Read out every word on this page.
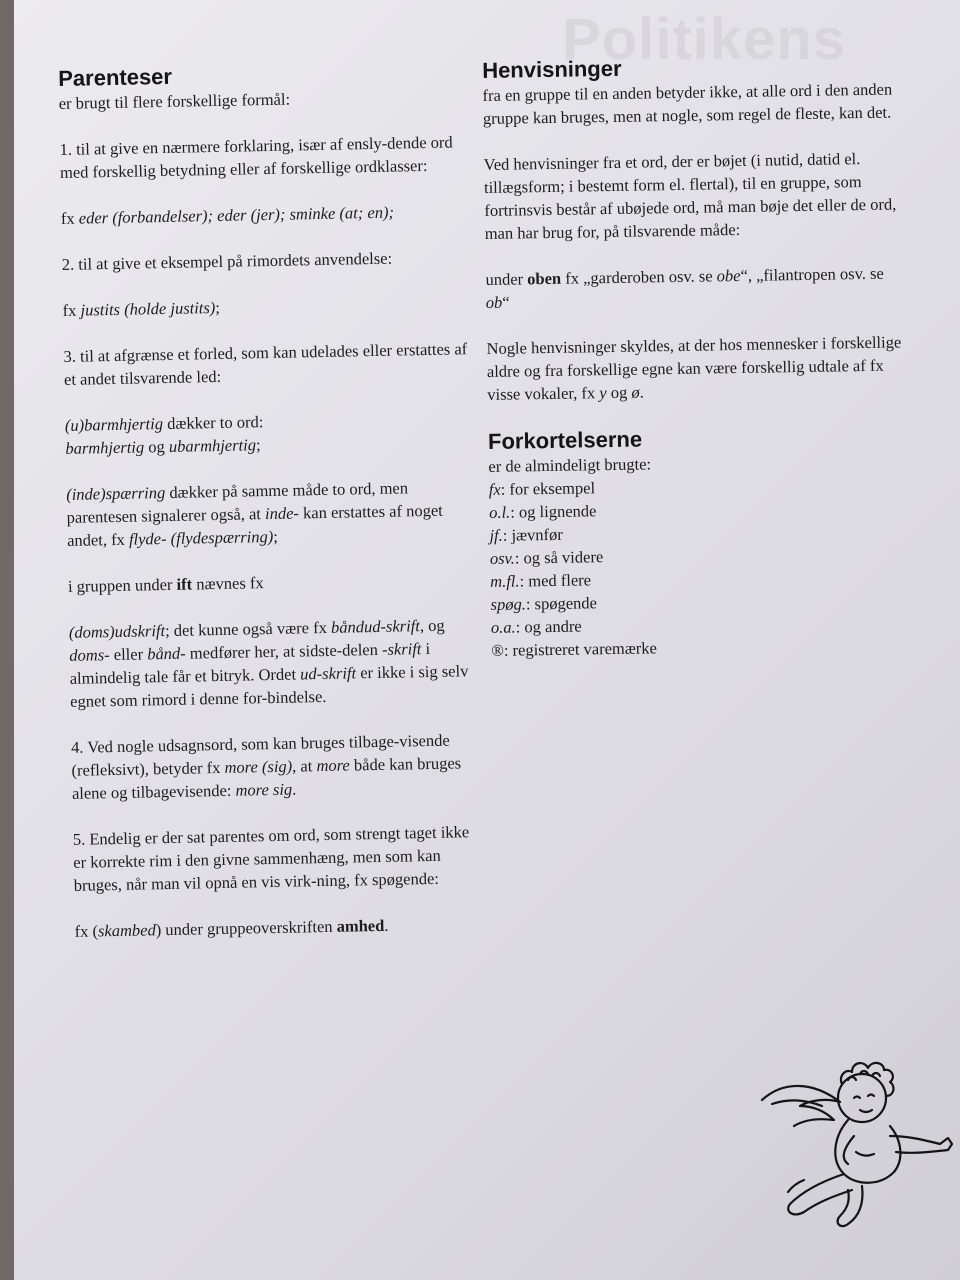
Politikens
Parenteser

er brugt til flere forskellige formål:

1. til at give en nærmere forklaring, især af ensly-dende ord med forskellig betydning eller af forskellige ordklasser:

fx eder (forbandelser); eder (jer); sminke (at; en);

2. til at give et eksempel på rimordets anvendelse:

fx justits (holde justits);

3. til at afgrænse et forled, som kan udelades eller erstattes af et andet tilsvarende led:

(u)barmhjertig dækker to ord:
barmhjertig og ubarmhjertig;

(inde)spærring dækker på samme måde to ord, men parentesen signalerer også, at inde- kan erstattes af noget andet, fx flyde- (flydespærring);

i gruppen under ift nævnes fx

(doms)udskrift; det kunne også være fx båndud-skrift, og doms- eller bånd- medfører her, at sidste-delen -skrift i almindelig tale får et bitryk. Ordet ud-skrift er ikke i sig selv egnet som rimord i denne for-bindelse.

4. Ved nogle udsagnsord, som kan bruges tilbage-visende (refleksivt), betyder fx more (sig), at more både kan bruges alene og tilbagevisende: more sig.

5. Endelig er der sat parentes om ord, som strengt taget ikke er korrekte rim i den givne sammenhæng, men som kan bruges, når man vil opnå en vis virk-ning, fx spøgende:

fx (skambed) under gruppeoverskriften amhed.

Henvisninger

fra en gruppe til en anden betyder ikke, at alle ord i den anden gruppe kan bruges, men at nogle, som regel de fleste, kan det.

Ved henvisninger fra et ord, der er bøjet (i nutid, datid el. tillægsform; i bestemt form el. flertal), til en gruppe, som fortrinsvis består af ubøjede ord, må man bøje det eller de ord, man har brug for, på tilsvarende måde:

under oben fx „garderoben osv. se obe“, „filantropen osv. se ob“

Nogle henvisninger skyldes, at der hos mennesker i forskellige aldre og fra forskellige egne kan være forskellig udtale af fx visse vokaler, fx y og ø.

Forkortelserne
er de almindeligt brugte:
fx: for eksempel
o.l.: og lignende
jf.: jævnfør
osv.: og så videre
m.fl.: med flere
spøg.: spøgende
o.a.: og andre
®: registreret varemærke
